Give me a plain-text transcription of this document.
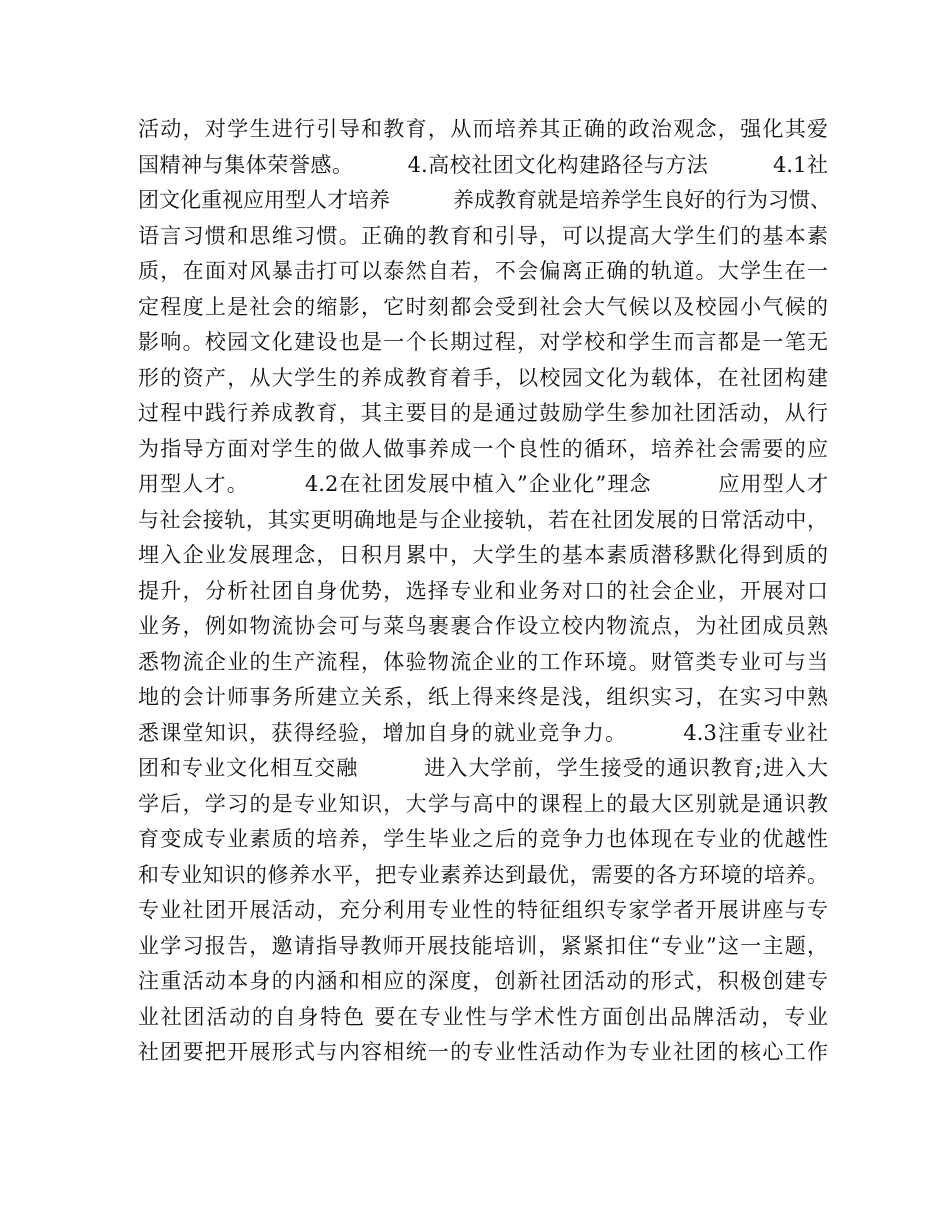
活动，对学生进行引导和教育，从而培养其正确的政治观念，强化其爱
国精神与集体荣誉感。　　　4.高校社团文化构建路径与方法　　　4.1社
团文化重视应用型人才培养　　　养成教育就是培养学生良好的行为习惯、
语言习惯和思维习惯。正确的教育和引导，可以提高大学生们的基本素
质，在面对风暴击打可以泰然自若，不会偏离正确的轨道。大学生在一
定程度上是社会的缩影，它时刻都会受到社会大气候以及校园小气候的
影响。校园文化建设也是一个长期过程，对学校和学生而言都是一笔无
形的资产，从大学生的养成教育着手，以校园文化为载体，在社团构建
过程中践行养成教育，其主要目的是通过鼓励学生参加社团活动，从行
为指导方面对学生的做人做事养成一个良性的循环，培养社会需要的应
用型人才。　　　4.2在社团发展中植入”企业化”理念　　　应用型人才
与社会接轨，其实更明确地是与企业接轨，若在社团发展的日常活动中，
埋入企业发展理念，日积月累中，大学生的基本素质潜移默化得到质的
提升，分析社团自身优势，选择专业和业务对口的社会企业，开展对口
业务，例如物流协会可与菜鸟裹裹合作设立校内物流点，为社团成员熟
悉物流企业的生产流程，体验物流企业的工作环境。财管类专业可与当
地的会计师事务所建立关系，纸上得来终是浅，组织实习，在实习中熟
悉课堂知识，获得经验，增加自身的就业竞争力。　　　4.3注重专业社
团和专业文化相互交融　　　进入大学前，学生接受的通识教育;进入大
学后，学习的是专业知识，大学与高中的课程上的最大区别就是通识教
育变成专业素质的培养，学生毕业之后的竞争力也体现在专业的优越性
和专业知识的修养水平，把专业素养达到最优，需要的各方环境的培养。
专业社团开展活动，充分利用专业性的特征组织专家学者开展讲座与专
业学习报告，邀请指导教师开展技能培训，紧紧扣住“专业”这一主题，
注重活动本身的内涵和相应的深度，创新社团活动的形式，积极创建专
业社团活动的自身特色 要在专业性与学术性方面创出品牌活动，专业
社团要把开展形式与内容相统一的专业性活动作为专业社团的核心工作
